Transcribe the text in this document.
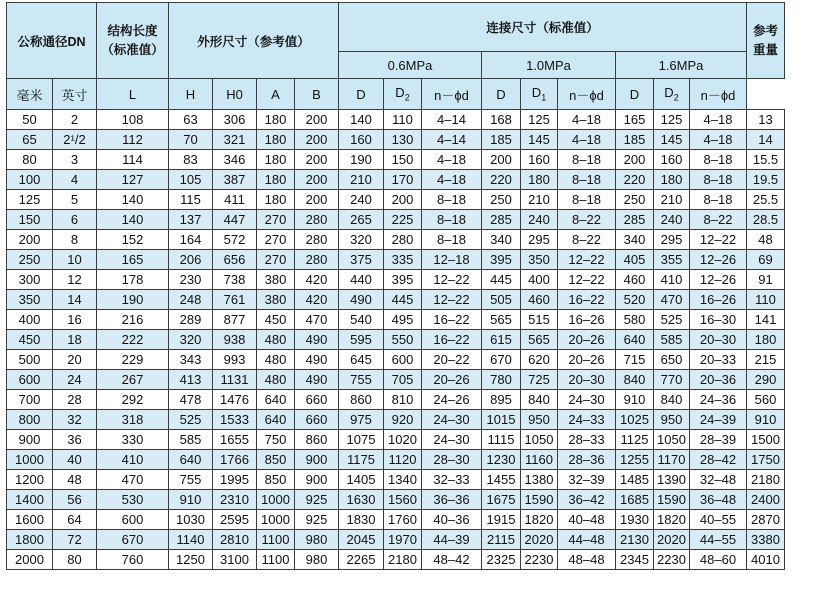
公称通径DN		结构长度
（标准值）	外形尺寸（参考值）				连接尺寸（标准值）									参考
重量

							0.6MPa			1.0MPa			1.6MPa			
毫米	英寸	L	H	H0	A	B	D	$D_2$	n－ϕd	D	$D_1$	n－ϕd	D	$D_2$	n－ϕd	
50	2	108	63	306	180	200	140	110	4–14	168	125	4–18	165	125	4–18	13
65	2¹/2	112	70	321	180	200	160	130	4–14	185	145	4–18	185	145	4–18	14
80	3	114	83	346	180	200	190	150	4–18	200	160	8–18	200	160	8–18	15.5
100	4	127	105	387	180	200	210	170	4–18	220	180	8–18	220	180	8–18	19.5
125	5	140	115	411	180	200	240	200	8–18	250	210	8–18	250	210	8–18	25.5
150	6	140	137	447	270	280	265	225	8–18	285	240	8–22	285	240	8–22	28.5
200	8	152	164	572	270	280	320	280	8–18	340	295	8–22	340	295	12–22	48
250	10	165	206	656	270	280	375	335	12–18	395	350	12–22	405	355	12–26	69
300	12	178	230	738	380	420	440	395	12–22	445	400	12–22	460	410	12–26	91
350	14	190	248	761	380	420	490	445	12–22	505	460	16–22	520	470	16–26	110
400	16	216	289	877	450	470	540	495	16–22	565	515	16–26	580	525	16–30	141
450	18	222	320	938	480	490	595	550	16–22	615	565	20–26	640	585	20–30	180
500	20	229	343	993	480	490	645	600	20–22	670	620	20–26	715	650	20–33	215
600	24	267	413	1131	480	490	755	705	20–26	780	725	20–30	840	770	20–36	290
700	28	292	478	1476	640	660	860	810	24–26	895	840	24–30	910	840	24–36	560
800	32	318	525	1533	640	660	975	920	24–30	1015	950	24–33	1025	950	24–39	910
900	36	330	585	1655	750	860	1075	1020	24–30	1115	1050	28–33	1125	1050	28–39	1500
1000	40	410	640	1766	850	900	1175	1120	28–30	1230	1160	28–36	1255	1170	28–42	1750
1200	48	470	755	1995	850	900	1405	1340	32–33	1455	1380	32–39	1485	1390	32–48	2180
1400	56	530	910	2310	1000	925	1630	1560	36–36	1675	1590	36–42	1685	1590	36–48	2400
1600	64	600	1030	2595	1000	925	1830	1760	40–36	1915	1820	40–48	1930	1820	40–55	2870
1800	72	670	1140	2810	1100	980	2045	1970	44–39	2115	2020	44–48	2130	2020	44–55	3380
2000	80	760	1250	3100	1100	980	2265	2180	48–42	2325	2230	48–48	2345	2230	48–60	4010
